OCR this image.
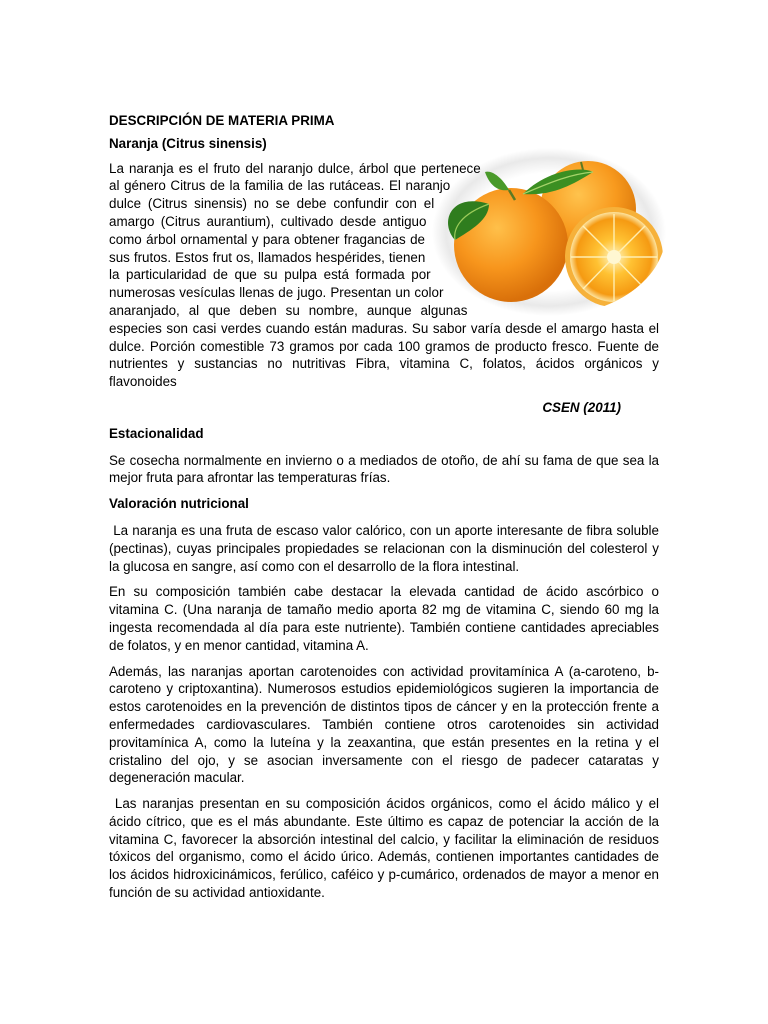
DESCRIPCIÓN DE MATERIA PRIMA

Naranja (Citrus sinensis)

La naranja es el fruto del naranjo dulce, árbol que pertenece al género Citrus de la familia de las rutáceas. El naranjo dulce (Citrus sinensis) no se debe confundir con el amargo (Citrus aurantium), cultivado desde antiguo como árbol ornamental y para obtener fragancias de sus frutos. Estos frut os, llamados hespérides, tienen la particularidad de que su pulpa está formada por numerosas vesículas llenas de jugo. Presentan un color anaranjado, al que deben su nombre, aunque algunas especies son casi verdes cuando están maduras. Su sabor varía desde el amargo hasta el dulce. Porción comestible 73 gramos por cada 100 gramos de producto fresco. Fuente de nutrientes y sustancias no nutritivas Fibra, vitamina C, folatos, ácidos orgánicos y flavonoides

CSEN (2011)

Estacionalidad

Se cosecha normalmente en invierno o a mediados de otoño, de ahí su fama de que sea la mejor fruta para afrontar las temperaturas frías.

Valoración nutricional

La naranja es una fruta de escaso valor calórico, con un aporte interesante de fibra soluble (pectinas), cuyas principales propiedades se relacionan con la disminución del colesterol y la glucosa en sangre, así como con el desarrollo de la flora intestinal.

En su composición también cabe destacar la elevada cantidad de ácido ascórbico o vitamina C. (Una naranja de tamaño medio aporta 82 mg de vitamina C, siendo 60 mg la ingesta recomendada al día para este nutriente). También contiene cantidades apreciables de folatos, y en menor cantidad, vitamina A.

Además, las naranjas aportan carotenoides con actividad provitamínica A (a-caroteno, b-caroteno y criptoxantina). Numerosos estudios epidemiológicos sugieren la importancia de estos carotenoides en la prevención de distintos tipos de cáncer y en la protección frente a enfermedades cardiovasculares. También contiene otros carotenoides sin actividad provitamínica A, como la luteína y la zeaxantina, que están presentes en la retina y el cristalino del ojo, y se asocian inversamente con el riesgo de padecer cataratas y degeneración macular.

Las naranjas presentan en su composición ácidos orgánicos, como el ácido málico y el ácido cítrico, que es el más abundante. Este último es capaz de potenciar la acción de la vitamina C, favorecer la absorción intestinal del calcio, y facilitar la eliminación de residuos tóxicos del organismo, como el ácido úrico. Además, contienen importantes cantidades de los ácidos hidroxicinámicos, ferúlico, caféico y p-cumárico, ordenados de mayor a menor en función de su actividad antioxidante.
